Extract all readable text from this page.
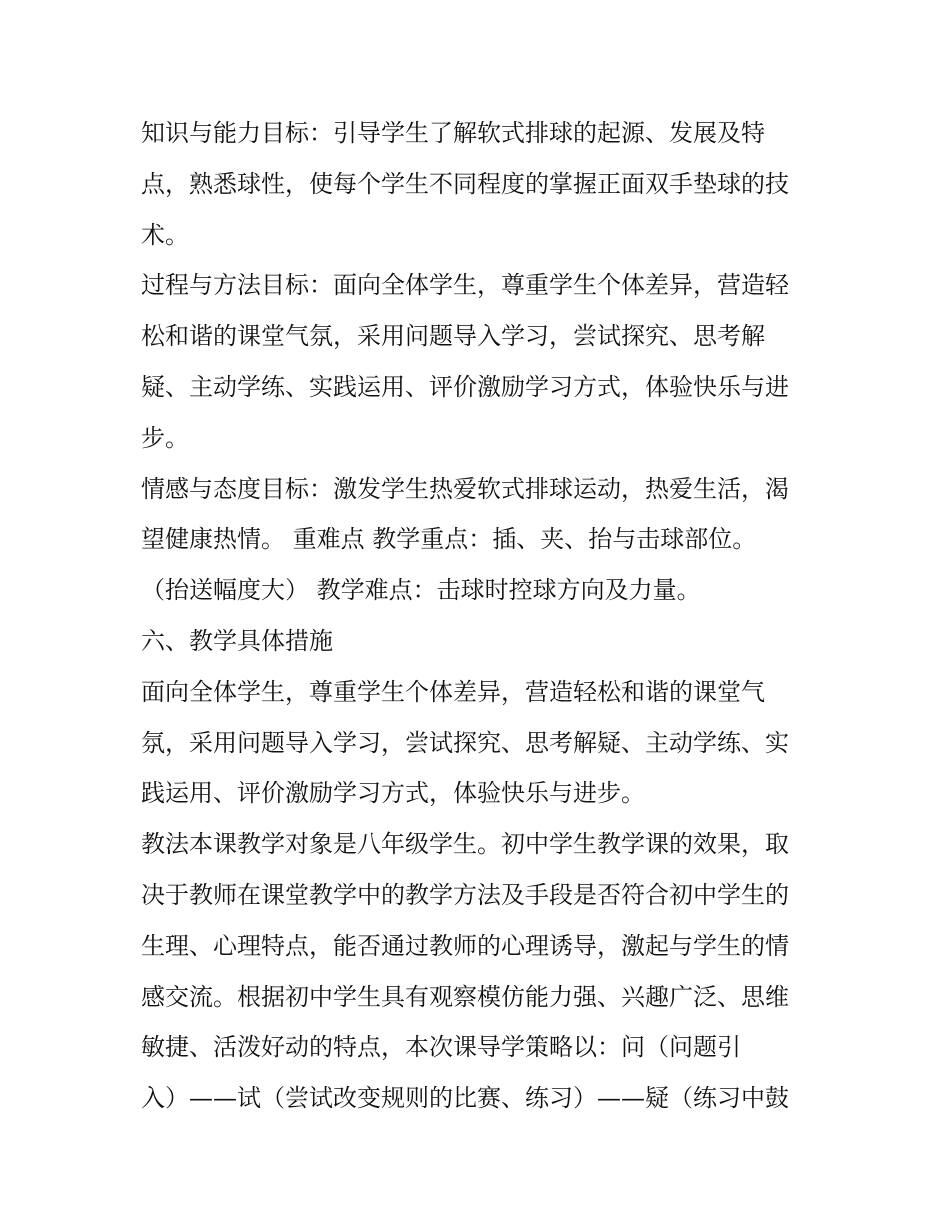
知识与能力目标：引导学生了解软式排球的起源、发展及特
点，熟悉球性，使每个学生不同程度的掌握正面双手垫球的技
术。
过程与方法目标：面向全体学生，尊重学生个体差异，营造轻
松和谐的课堂气氛，采用问题导入学习，尝试探究、思考解
疑、主动学练、实践运用、评价激励学习方式，体验快乐与进
步。
情感与态度目标：激发学生热爱软式排球运动，热爱生活，渴
望健康热情。 重难点 教学重点：插、夹、抬与击球部位。
（抬送幅度大） 教学难点：击球时控球方向及力量。
六、教学具体措施
面向全体学生，尊重学生个体差异，营造轻松和谐的课堂气
氛，采用问题导入学习，尝试探究、思考解疑、主动学练、实
践运用、评价激励学习方式，体验快乐与进步。
教法本课教学对象是八年级学生。初中学生教学课的效果，取
决于教师在课堂教学中的教学方法及手段是否符合初中学生的
生理、心理特点，能否通过教师的心理诱导，激起与学生的情
感交流。根据初中学生具有观察模仿能力强、兴趣广泛、思维
敏捷、活泼好动的特点，本次课导学策略以：问（问题引
入）——试（尝试改变规则的比赛、练习）——疑（练习中鼓
